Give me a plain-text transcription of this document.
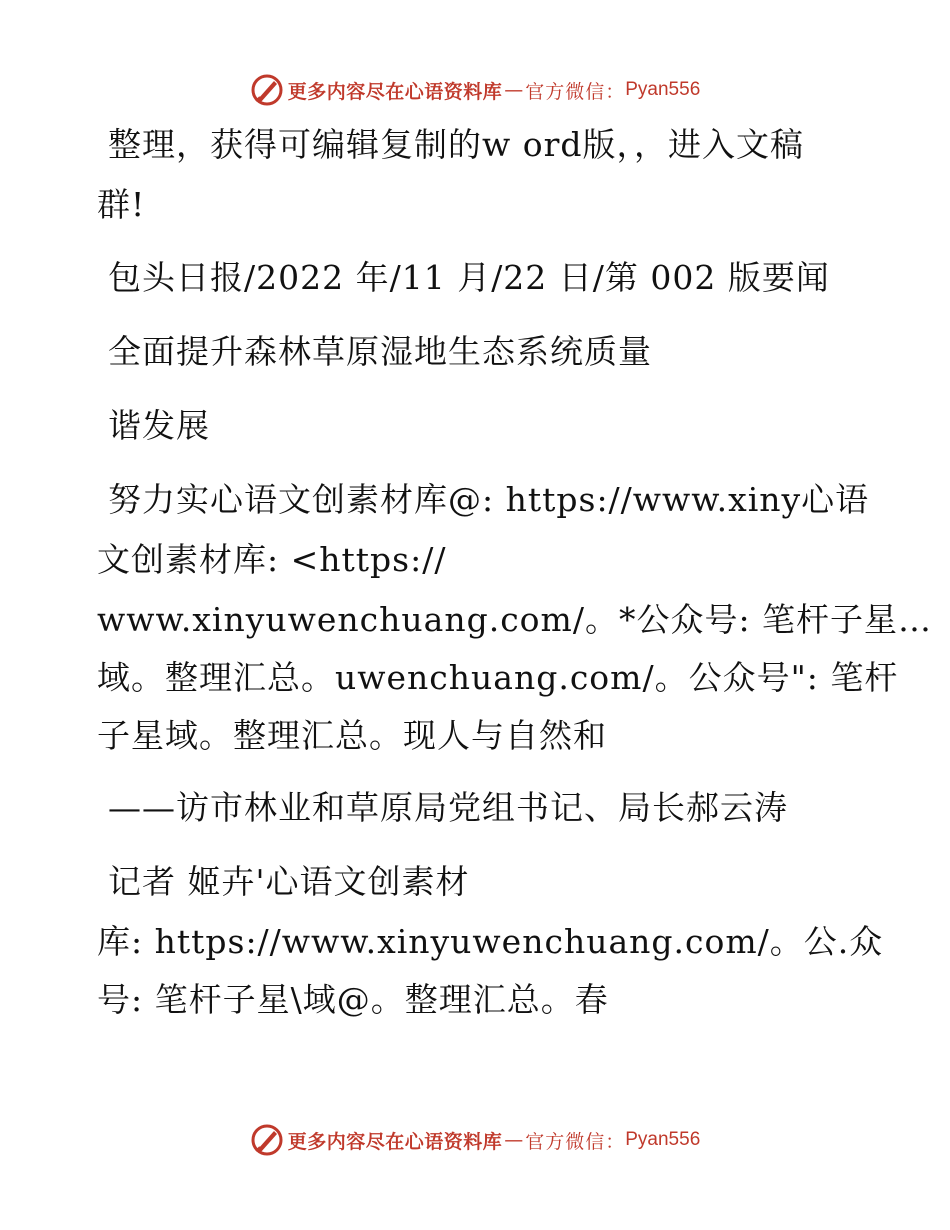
更多内容尽在心语资料库 — 官方微信： Pyan556
整理，获得可编辑复制的w ord版，，进入文稿
群!
包头日报/2022 年/11 月/22 日/第 002 版要闻
全面提升森林草原湿地生态系统质量
谐发展
努力实心语文创素材库@: https://www.xiny心语
文创素材库: <https://
www.xinyuwenchuang.com/。*公众号: 笔杆子星…
域。整理汇总。uwenchuang.com/。公众号": 笔杆
子星域。整理汇总。现人与自然和
——访市林业和草原局党组书记、局长郝云涛
记者 姬卉'心语文创素材
库: https://www.xinyuwenchuang.com/。公.众
号: 笔杆子星\域@。整理汇总。春
更多内容尽在心语资料库 — 官方微信： Pyan556
